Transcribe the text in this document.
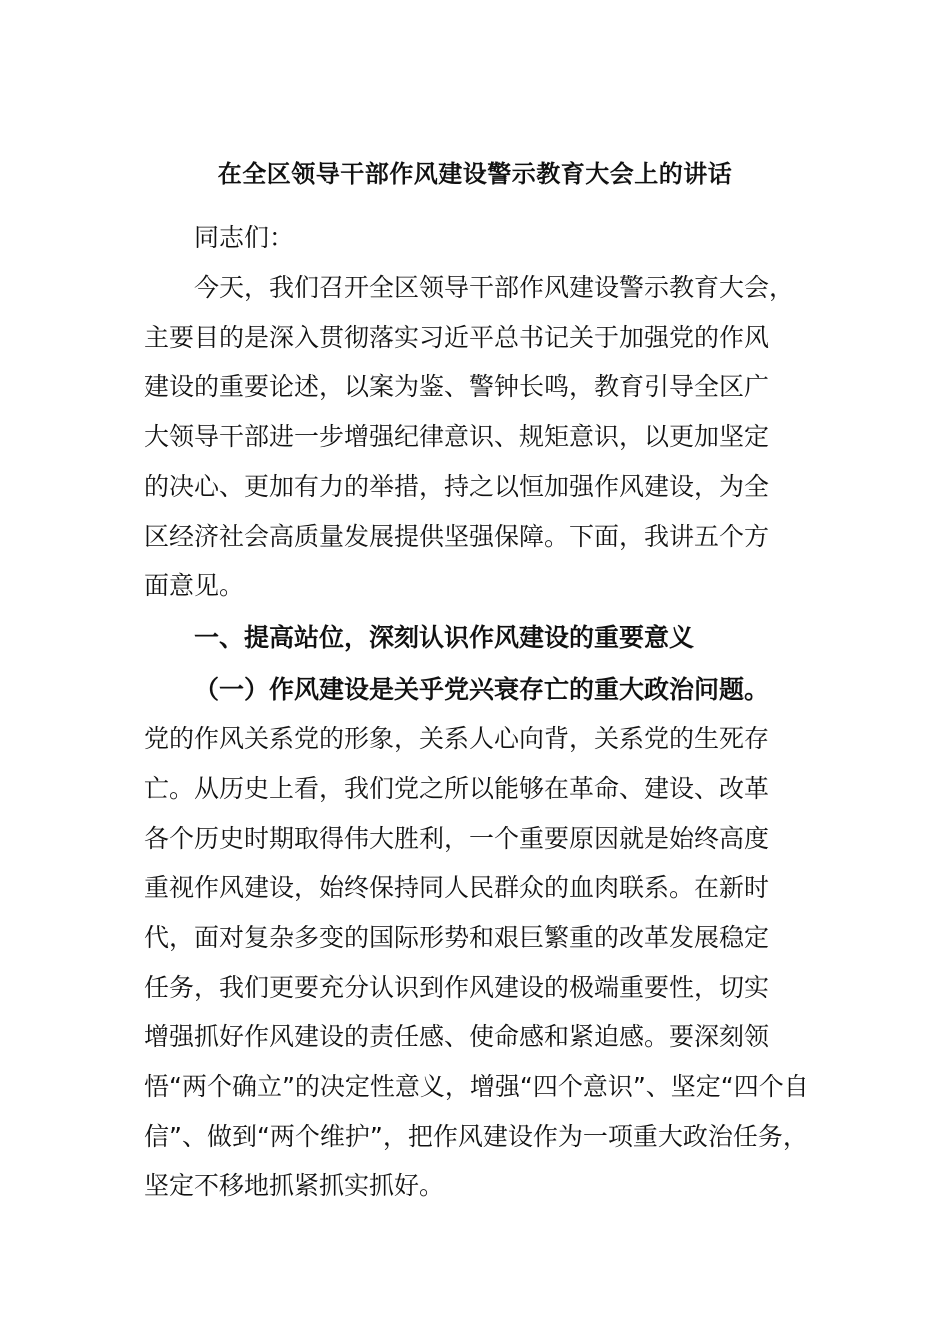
在全区领导干部作风建设警示教育大会上的讲话

同志们：

今天，我们召开全区领导干部作风建设警示教育大会，

主要目的是深入贯彻落实习近平总书记关于加强党的作风

建设的重要论述，以案为鉴、警钟长鸣，教育引导全区广

大领导干部进一步增强纪律意识、规矩意识，以更加坚定

的决心、更加有力的举措，持之以恒加强作风建设，为全

区经济社会高质量发展提供坚强保障。下面，我讲五个方

面意见。

一、提高站位，深刻认识作风建设的重要意义

（一）作风建设是关乎党兴衰存亡的重大政治问题。

党的作风关系党的形象，关系人心向背，关系党的生死存

亡。从历史上看，我们党之所以能够在革命、建设、改革

各个历史时期取得伟大胜利，一个重要原因就是始终高度

重视作风建设，始终保持同人民群众的血肉联系。在新时

代，面对复杂多变的国际形势和艰巨繁重的改革发展稳定

任务，我们更要充分认识到作风建设的极端重要性，切实

增强抓好作风建设的责任感、使命感和紧迫感。要深刻领

悟“两个确立”的决定性意义，增强“四个意识”、坚定“四个自

信”、做到“两个维护”，把作风建设作为一项重大政治任务，

坚定不移地抓紧抓实抓好。
